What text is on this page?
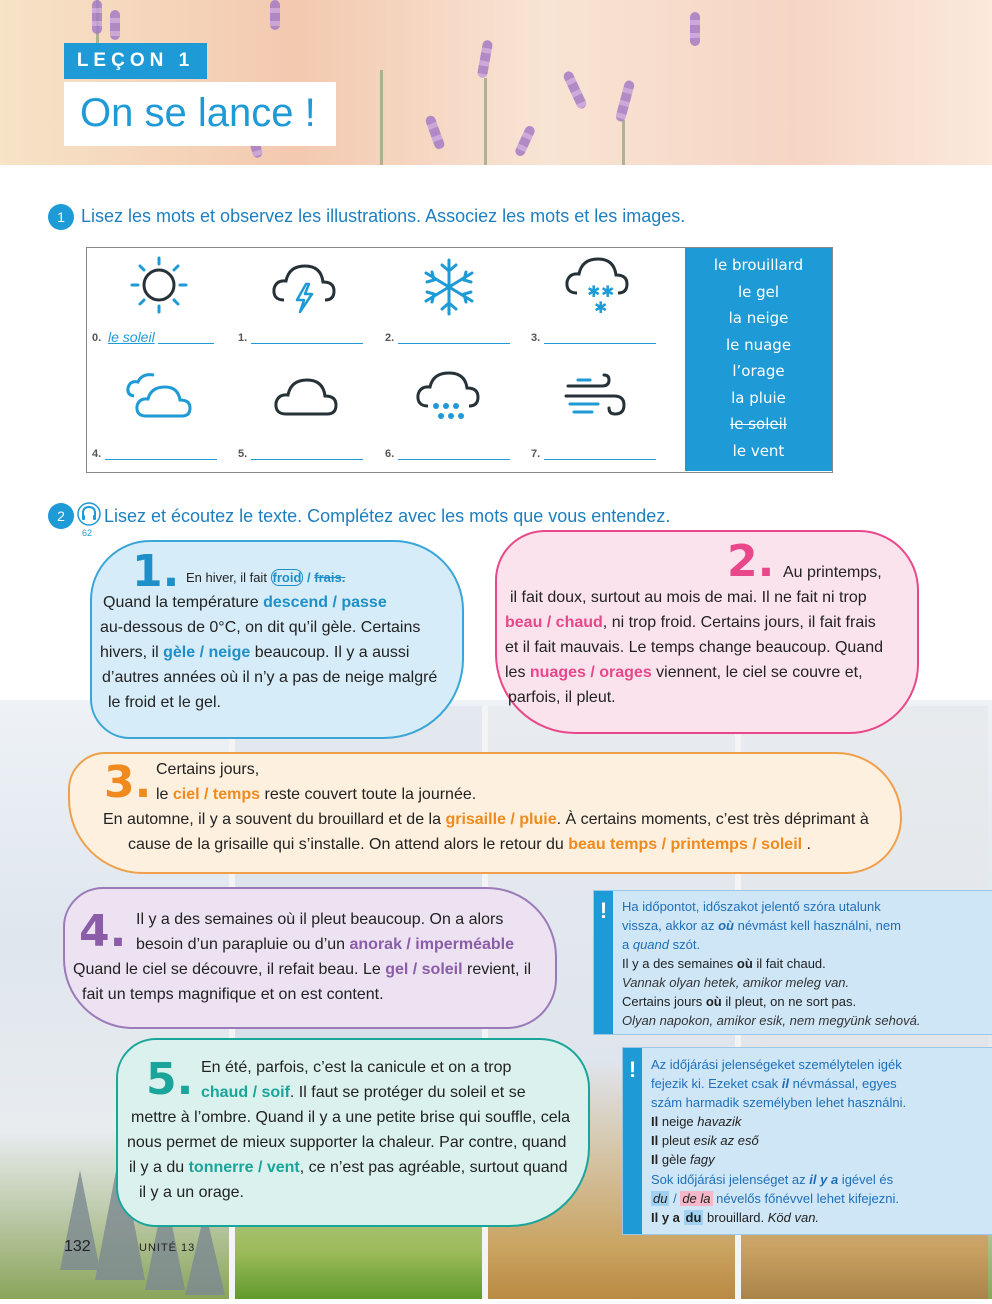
LEÇON 1
On se lance !
1 Lisez les mots et observez les illustrations. Associez les mots et les images.
✱ ✱
✱
0. le soleil	1.	2.	3.
4.	5.	6.	7.
le brouillard
le gel
la neige
le nuage
l’orage
la pluie
le soleil
le vent
2
62
Lisez et écoutez le texte. Complétez avec les mots que vous entendez.
1. En hiver, il fait froid / frais.
Quand la température descend / passe
au-dessous de 0°C, on dit qu’il gèle. Certains
hivers, il gèle / neige beaucoup. Il y a aussi
d’autres années où il n’y a pas de neige malgré
le froid et le gel.
2. Au printemps,
il fait doux, surtout au mois de mai. Il ne fait ni trop
beau / chaud, ni trop froid. Certains jours, il fait frais
et il fait mauvais. Le temps change beaucoup. Quand
les nuages / orages viennent, le ciel se couvre et,
parfois, il pleut.
3. Certains jours,
le ciel / temps reste couvert toute la journée.
En automne, il y a souvent du brouillard et de la grisaille / pluie. À certains moments, c’est très déprimant à
cause de la grisaille qui s’installe. On attend alors le retour du beau temps / printemps / soleil .
4. Il y a des semaines où il pleut beaucoup. On a alors
besoin d’un parapluie ou d’un anorak / imperméable
Quand le ciel se découvre, il refait beau. Le gel / soleil revient, il
fait un temps magnifique et on est content.
5. En été, parfois, c’est la canicule et on a trop
chaud / soif. Il faut se protéger du soleil et se
mettre à l’ombre. Quand il y a une petite brise qui souffle, cela
nous permet de mieux supporter la chaleur. Par contre, quand
il y a du tonnerre / vent, ce n’est pas agréable, surtout quand
il y a un orage.
!	Ha időpontot, időszakot jelentő szóra utalunk
vissza, akkor az où névmást kell használni, nem
a quand szót.
Il y a des semaines où il fait chaud.
Vannak olyan hetek, amikor meleg van.
Certains jours où il pleut, on ne sort pas.
Olyan napokon, amikor esik, nem megyünk sehová.
!	Az időjárási jelenségeket személytelen igék
fejezik ki. Ezeket csak il névmással, egyes
szám harmadik személyben lehet használni.
Il neige havazik
Il pleut esik az eső
Il gèle fagy
Sok időjárási jelenséget az il y a igével és
du / de la névelős főnévvel lehet kifejezni.
Il y a du brouillard. Köd van.
132	UNITÉ 13
